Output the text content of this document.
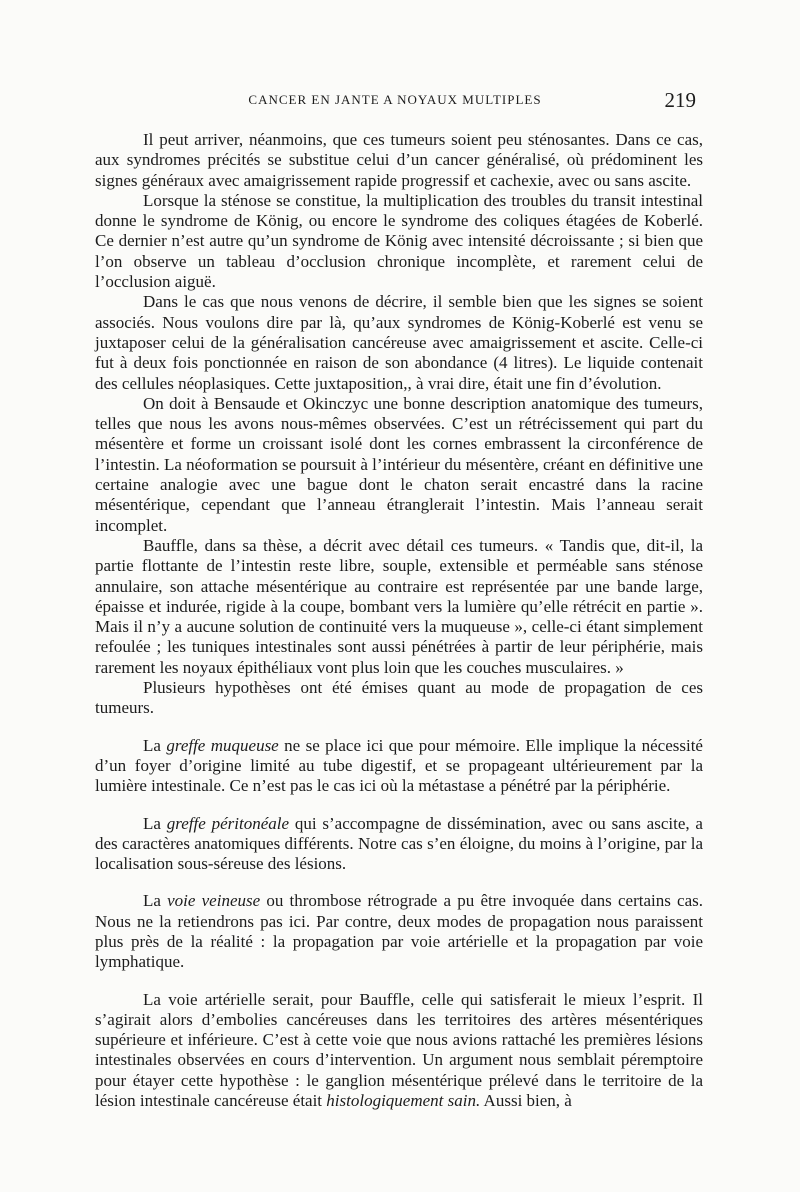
CANCER EN JANTE A NOYAUX MULTIPLES	219

Il peut arriver, néanmoins, que ces tumeurs soient peu sténosantes. Dans ce cas, aux syndromes précités se substitue celui d’un cancer généralisé, où prédominent les signes généraux avec amaigrissement rapide progressif et cachexie, avec ou sans ascite.

Lorsque la sténose se constitue, la multiplication des troubles du transit intestinal donne le syndrome de König, ou encore le syndrome des coliques étagées de Koberlé. Ce dernier n’est autre qu’un syndrome de König avec intensité décroissante ; si bien que l’on observe un tableau d’occlusion chronique incomplète, et rarement celui de l’occlusion aiguë.

Dans le cas que nous venons de décrire, il semble bien que les signes se soient associés. Nous voulons dire par là, qu’aux syndromes de König-Koberlé est venu se juxtaposer celui de la généralisation cancéreuse avec amaigrissement et ascite. Celle-ci fut à deux fois ponctionnée en raison de son abondance (4 litres). Le liquide contenait des cellules néoplasiques. Cette juxtaposition,, à vrai dire, était une fin d’évolution.

On doit à Bensaude et Okinczyc une bonne description anatomique des tumeurs, telles que nous les avons nous-mêmes observées. C’est un rétrécissement qui part du mésentère et forme un croissant isolé dont les cornes embrassent la circonférence de l’intestin. La néoformation se poursuit à l’intérieur du mésentère, créant en définitive une certaine analogie avec une bague dont le chaton serait encastré dans la racine mésentérique, cependant que l’anneau étranglerait l’intestin. Mais l’anneau serait incomplet.

Bauffle, dans sa thèse, a décrit avec détail ces tumeurs. « Tandis que, dit-il, la partie flottante de l’intestin reste libre, souple, extensible et perméable sans sténose annulaire, son attache mésentérique au contraire est représentée par une bande large, épaisse et indurée, rigide à la coupe, bombant vers la lumière qu’elle rétrécit en partie ». Mais il n’y a aucune solution de continuité vers la muqueuse », celle-ci étant simplement refoulée ; les tuniques intestinales sont aussi pénétrées à partir de leur périphérie, mais rarement les noyaux épithéliaux vont plus loin que les couches musculaires. »

Plusieurs hypothèses ont été émises quant au mode de propagation de ces tumeurs.

La greffe muqueuse ne se place ici que pour mémoire. Elle implique la nécessité d’un foyer d’origine limité au tube digestif, et se propageant ultérieurement par la lumière intestinale. Ce n’est pas le cas ici où la métastase a pénétré par la périphérie.

La greffe péritonéale qui s’accompagne de dissémination, avec ou sans ascite, a des caractères anatomiques différents. Notre cas s’en éloigne, du moins à l’origine, par la localisation sous-séreuse des lésions.

La voie veineuse ou thrombose rétrograde a pu être invoquée dans certains cas. Nous ne la retiendrons pas ici. Par contre, deux modes de propagation nous paraissent plus près de la réalité : la propagation par voie artérielle et la propagation par voie lymphatique.

La voie artérielle serait, pour Bauffle, celle qui satisferait le mieux l’esprit. Il s’agirait alors d’embolies cancéreuses dans les territoires des artères mésentériques supérieure et inférieure. C’est à cette voie que nous avions rattaché les premières lésions intestinales observées en cours d’intervention. Un argument nous semblait péremptoire pour étayer cette hypothèse : le ganglion mésentérique prélevé dans le territoire de la lésion intestinale cancéreuse était histologiquement sain. Aussi bien, à
